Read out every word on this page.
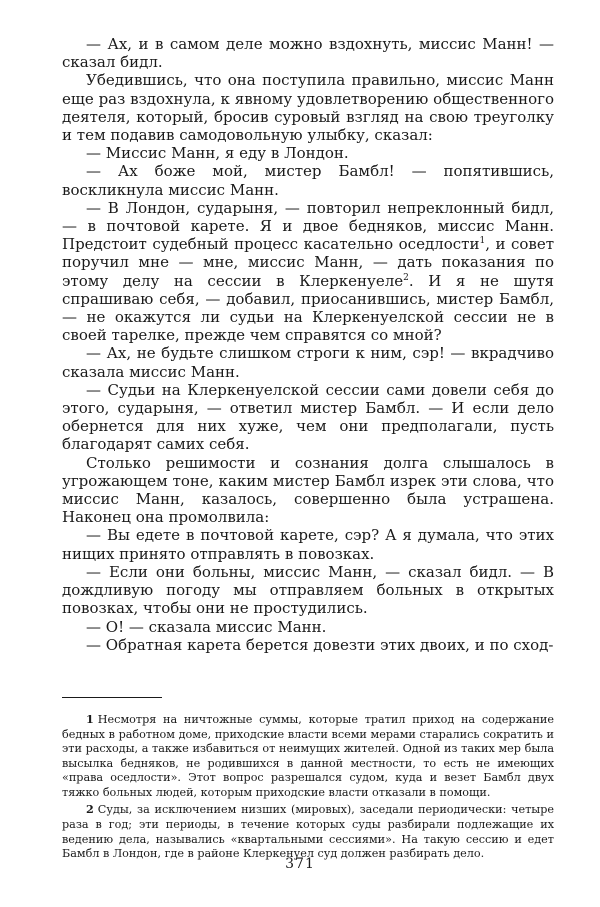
— Ах, и в самом деле можно вздохнуть, миссис Манн! — сказал бидл.

Убедившись, что она поступила правильно, миссис Манн еще раз вздохнула, к явному удовлетворению общественного деятеля, который, бросив суровый взгляд на свою треуголку и тем подавив самодовольную улыбку, сказал:

— Миссис Манн, я еду в Лондон.

— Ах боже мой, мистер Бамбл! — попятившись, воскликнула миссис Манн.

— В Лондон, сударыня, — повторил непреклонный бидл, — в почтовой карете. Я и двое бедняков, миссис Манн. Предстоит судебный процесс касательно оседлости$^1$, и совет поручил мне — мне, миссис Манн, — дать показания по этому делу на сессии в Клеркенуеле$^2$. И я не шутя спрашиваю себя, — добавил, приосанившись, мистер Бамбл, — не окажутся ли судьи на Клеркенуелской сессии не в своей тарелке, прежде чем справятся со мной?

— Ах, не будьте слишком строги к ним, сэр! — вкрадчиво сказала миссис Манн.

— Судьи на Клеркенуелской сессии сами довели себя до этого, сударыня, — ответил мистер Бамбл. — И если дело обернется для них хуже, чем они предполагали, пусть благодарят самих себя.

Столько решимости и сознания долга слышалось в угрожающем тоне, каким мистер Бамбл изрек эти слова, что миссис Манн, казалось, совершенно была устрашена. Наконец она промолвила:

— Вы едете в почтовой карете, сэр? А я думала, что этих нищих принято отправлять в повозках.

— Если они больны, миссис Манн, — сказал бидл. — В дождливую погоду мы отправляем больных в открытых повозках, чтобы они не простудились.

— О! — сказала миссис Манн.

— Обратная карета берется довезти этих двоих, и по сход-

1 Несмотря на ничтожные суммы, которые тратил приход на содержание бедных в работном доме, приходские власти всеми мерами старались сократить и эти расходы, а также избавиться от неимущих жителей. Одной из таких мер была высылка бедняков, не родившихся в данной местности, то есть не имеющих «права оседлости». Этот вопрос разрешался судом, куда и везет Бамбл двух тяжко больных людей, которым приходские власти отказали в помощи.

2 Суды, за исключением низших (мировых), заседали периодически: четыре раза в год; эти периоды, в течение которых суды разбирали подлежащие их ведению дела, назывались «квартальными сессиями». На такую сессию и едет Бамбл в Лондон, где в районе Клеркенуел суд должен разбирать дело.

371
